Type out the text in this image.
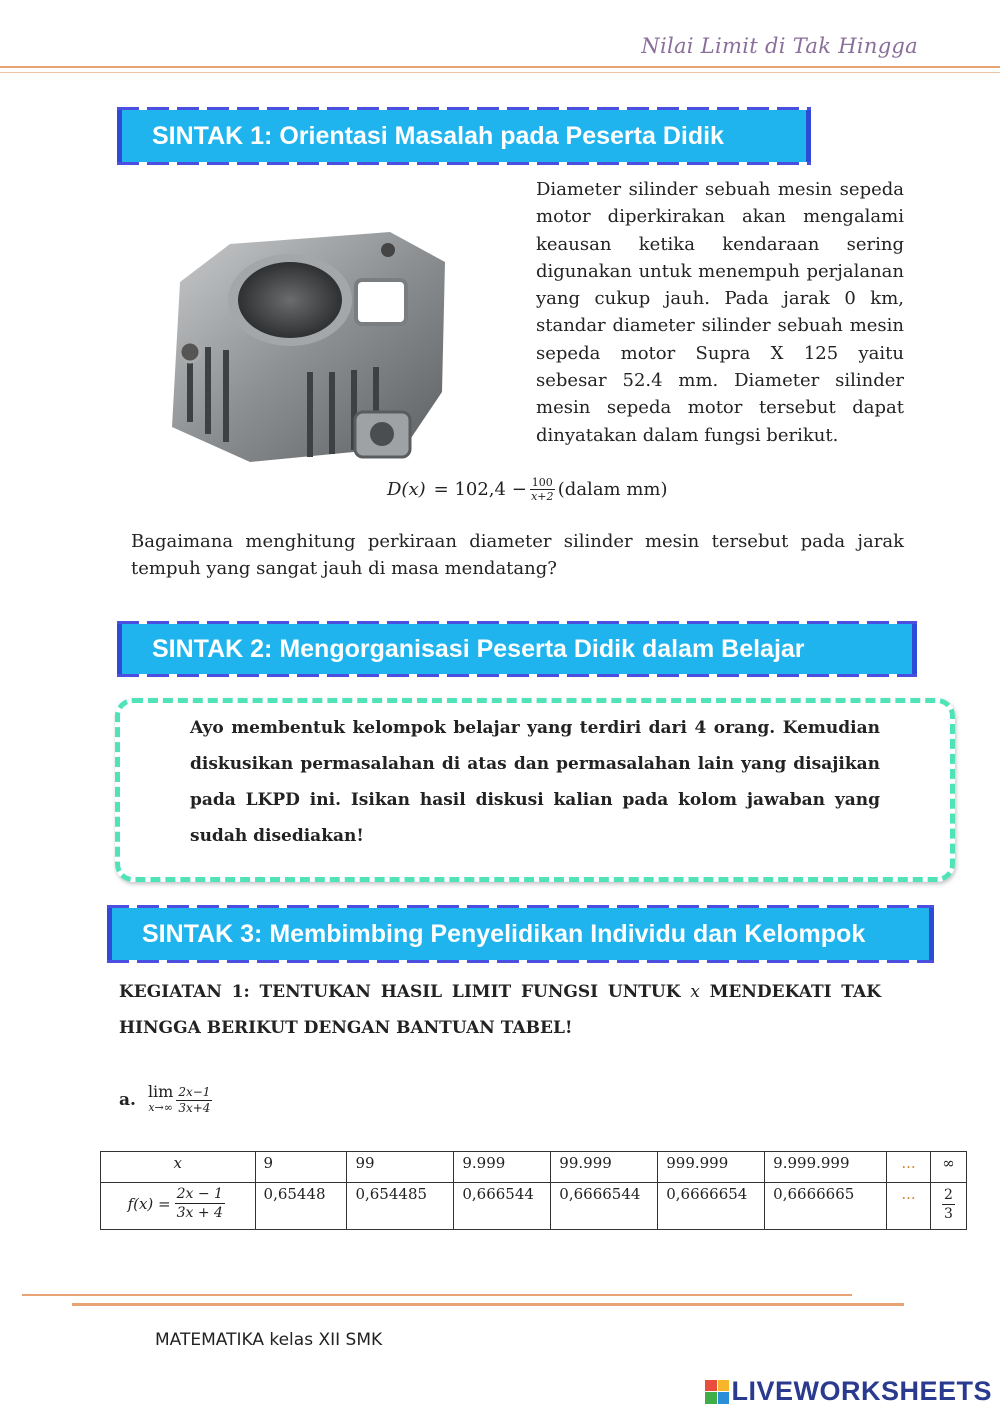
Nilai Limit di Tak Hingga
SINTAK 1: Orientasi Masalah pada Peserta Didik
Diameter silinder sebuah mesin sepeda motor diperkirakan akan mengalami keausan ketika kendaraan sering digunakan untuk menempuh perjalanan yang cukup jauh. Pada jarak 0 km, standar diameter silinder sebuah mesin sepeda motor Supra X 125 yaitu sebesar 52.4 mm. Diameter silinder mesin sepeda motor tersebut dapat dinyatakan dalam fungsi berikut.
$D(x) = 102,4 - \frac{100}{x+2}$ (dalam mm)
Bagaimana menghitung perkiraan diameter silinder mesin tersebut pada jarak tempuh yang sangat jauh di masa mendatang?
SINTAK 2: Mengorganisasi Peserta Didik dalam Belajar
Ayo membentuk kelompok belajar yang terdiri dari 4 orang. Kemudian diskusikan permasalahan di atas dan permasalahan lain yang disajikan pada LKPD ini. Isikan hasil diskusi kalian pada kolom jawaban yang sudah disediakan!
SINTAK 3: Membimbing Penyelidikan Individu dan Kelompok
KEGIATAN 1: TENTUKAN HASIL LIMIT FUNGSI UNTUK x MENDEKATI TAK HINGGA BERIKUT DENGAN BANTUAN TABEL!
a. lim
$x\to\infty \frac{2x-1}{3x+4}$
x	9	99	9.999	99.999	999.999	9.999.999	...	∞

$f(x) = \frac{2x - 1}{3x + 4}$	0,65448	0,654485	0,666544	0,6666544	0,6666654	0,6666665	...	$\frac{2}{3}$
MATEMATIKA kelas XII SMK
LIVEWORKSHEETS
